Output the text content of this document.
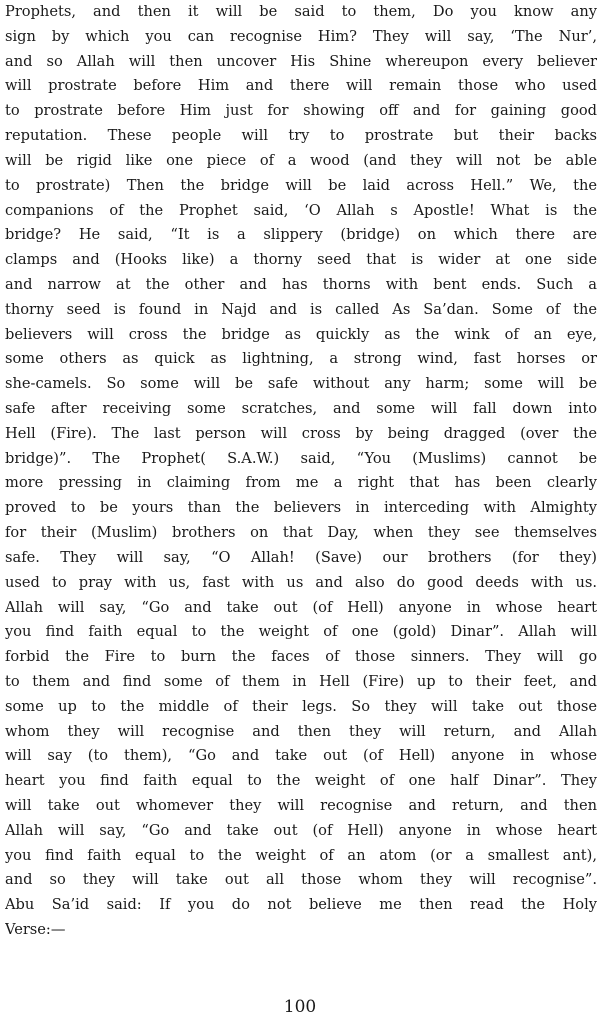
Prophets, and then it will be said to them, Do you know any
sign by which you can recognise Him? They will say, ‘The Nur’,
and so Allah will then uncover His Shine whereupon every believer
will prostrate before Him and there will remain those who used
to prostrate before Him just for showing off and for gaining good
reputation. These people will try to prostrate but their backs
will be rigid like one piece of a wood (and they will not be able
to prostrate) Then the bridge will be laid across Hell.” We, the
companions of the Prophet said, ‘O Allah s Apostle! What is the
bridge? He said, “It is a slippery (bridge) on which there are
clamps and (Hooks like) a thorny seed that is wider at one side
and narrow at the other and has thorns with bent ends. Such a
thorny seed is found in Najd and is called As Sa’dan. Some of the
believers will cross the bridge as quickly as the wink of an eye,
some others as quick as lightning, a strong wind, fast horses or
she-camels. So some will be safe without any harm; some will be
safe after receiving some scratches, and some will fall down into
Hell (Fire). The last person will cross by being dragged (over the
bridge)”. The Prophet( S.A.W.) said, “You (Muslims) cannot be
more pressing in claiming from me a right that has been clearly
proved to be yours than the believers in interceding with Almighty
for their (Muslim) brothers on that Day, when they see themselves
safe. They will say, “O Allah! (Save) our brothers (for they)
used to pray with us, fast with us and also do good deeds with us.
Allah will say, “Go and take out (of Hell) anyone in whose heart
you find faith equal to the weight of one (gold) Dinar”. Allah will
forbid the Fire to burn the faces of those sinners. They will go
to them and find some of them in Hell (Fire) up to their feet, and
some up to the middle of their legs. So they will take out those
whom they will recognise and then they will return, and Allah
will say (to them), “Go and take out (of Hell) anyone in whose
heart you find faith equal to the weight of one half Dinar”. They
will take out whomever they will recognise and return, and then
Allah will say, “Go and take out (of Hell) anyone in whose heart
you find faith equal to the weight of an atom (or a smallest ant),
and so they will take out all those whom they will recognise”.
Abu Sa’id said: If you do not believe me then read the Holy
Verse:—
100
